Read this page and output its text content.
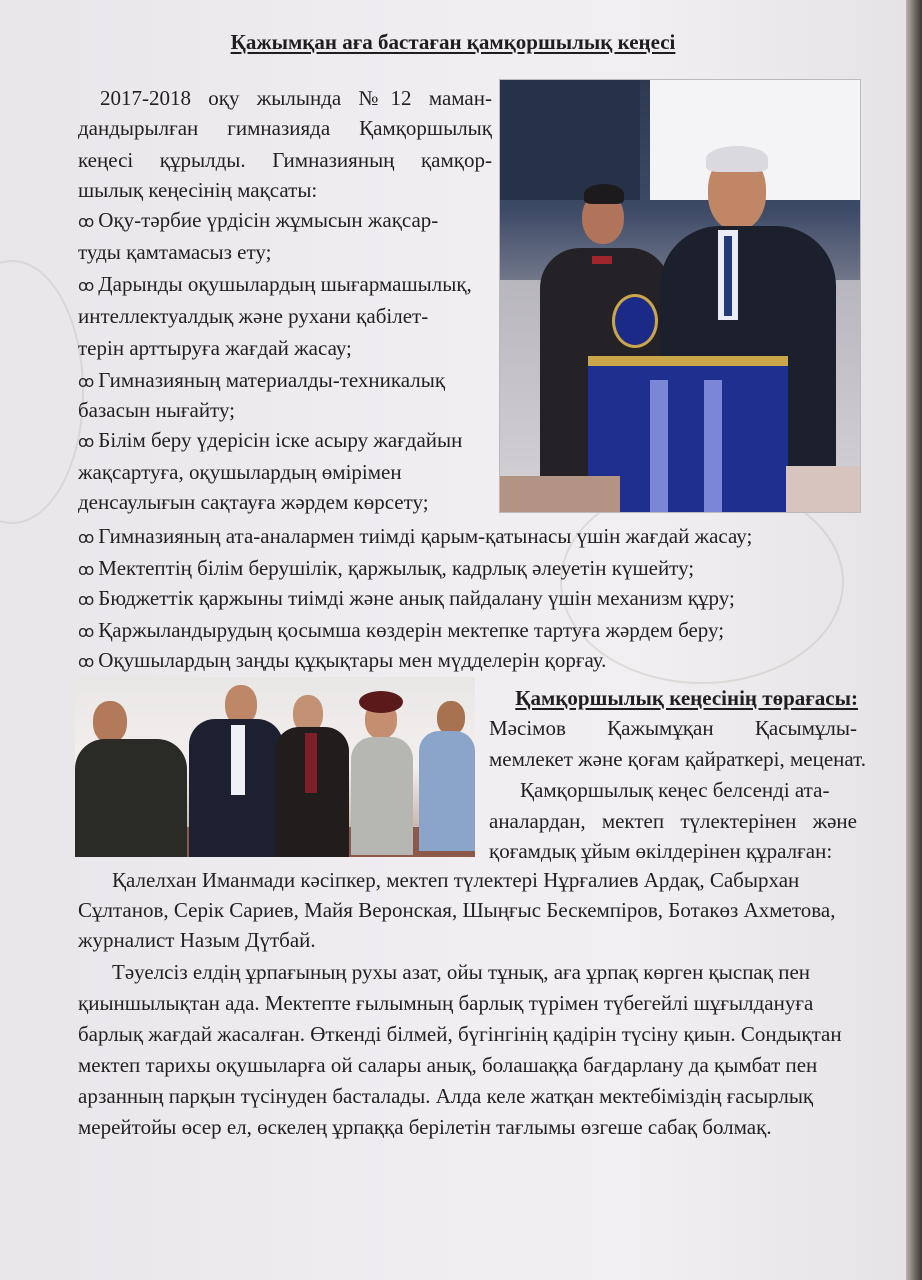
Қажымқан аға бастаған қамқоршылық кеңесі
2017-2018 оқу жылында №12 маман-
дандырылған гимназияда Қамқоршылық
кеңесі құрылды. Гимназияның қамқор-
шылық кеңесінің мақсаты:
ꝏ Оқу-тәрбие үрдісін жұмысын жақсар-
туды қамтамасыз ету;
ꝏ Дарынды оқушылардың шығармашылық,
интеллектуалдық және рухани қабілет-
терін арттыруға жағдай жасау;
ꝏ Гимназияның материалды-техникалық
базасын нығайту;
ꝏ Білім беру үдерісін іске асыру жағдайын
жақсартуға, оқушылардың өмірімен
денсаулығын сақтауға жәрдем көрсету;
ꝏ Гимназияның ата-аналармен тиімді қарым-қатынасы үшін жағдай жасау;
ꝏ Мектептің білім берушілік, қаржылық, кадрлық әлеуетін күшейту;
ꝏ Бюджеттік қаржыны тиімді және анық пайдалану үшін механизм құру;
ꝏ Қаржыландырудың қосымша көздерін мектепке тартуға жәрдем беру;
ꝏ Оқушылардың заңды құқықтары мен мүдделерін қорғау.
Қамқоршылық кеңесінің төрағасы:
Мәсімов Қажымұқан Қасымұлы-
мемлекет және қоғам қайраткері, меценат.
Қамқоршылық кеңес белсенді ата-
аналардан, мектеп түлектерінен және
қоғамдық ұйым өкілдерінен құралған:
Қалелхан Иманмади кәсіпкер, мектеп түлектері Нұрғалиев Ардақ, Сабырхан
Сұлтанов, Серік Сариев, Майя Веронская, Шыңғыс Бескемпіров, Ботакөз Ахметова,
журналист Назым Дүтбай.
Тәуелсіз елдің ұрпағының рухы азат, ойы тұнық, аға ұрпақ көрген қыспақ пен
қиыншылықтан ада. Мектепте ғылымның барлық түрімен түбегейлі шұғылдануға
барлық жағдай жасалған. Өткенді білмей, бүгінгінің қадірін түсіну қиын. Сондықтан
мектеп тарихы оқушыларға ой салары анық, болашаққа бағдарлану да қымбат пен
арзанның парқын түсінуден басталады. Алда келе жатқан мектебіміздің ғасырлық
мерейтойы өсер ел, өскелең ұрпаққа берілетін тағлымы өзгеше сабақ болмақ.
